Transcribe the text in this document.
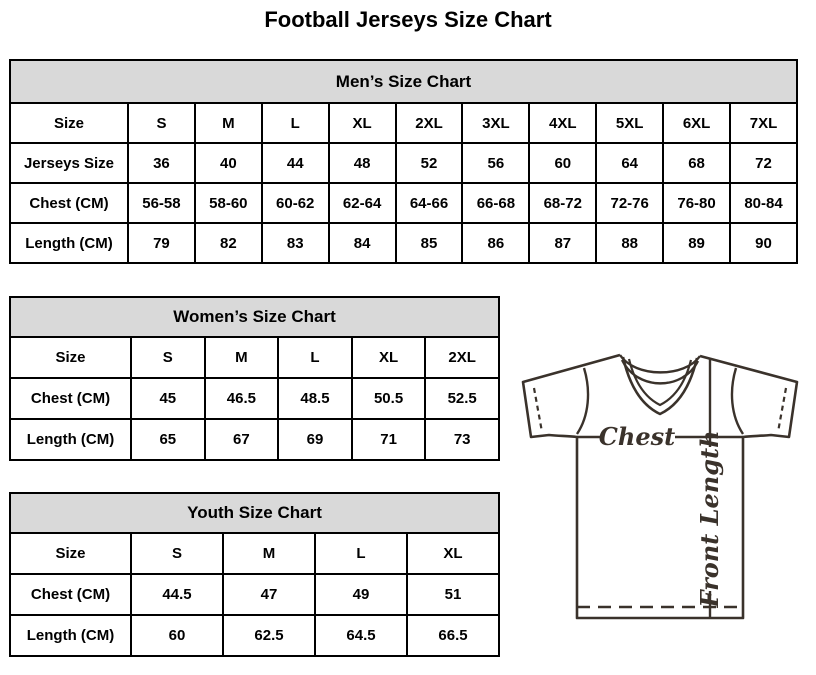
Football Jerseys Size Chart
Men’s Size Chart
Size	S	M	L	XL	2XL	3XL	4XL	5XL	6XL	7XL
Jerseys Size	36	40	44	48	52	56	60	64	68	72
Chest (CM)	56-58	58-60	60-62	62-64	64-66	66-68	68-72	72-76	76-80	80-84
Length (CM)	79	82	83	84	85	86	87	88	89	90
Women’s Size Chart
Size	S	M	L	XL	2XL
Chest (CM)	45	46.5	48.5	50.5	52.5
Length (CM)	65	67	69	71	73
Youth Size Chart
Size	S	M	L	XL
Chest (CM)	44.5	47	49	51
Length (CM)	60	62.5	64.5	66.5
Chest Front Length
